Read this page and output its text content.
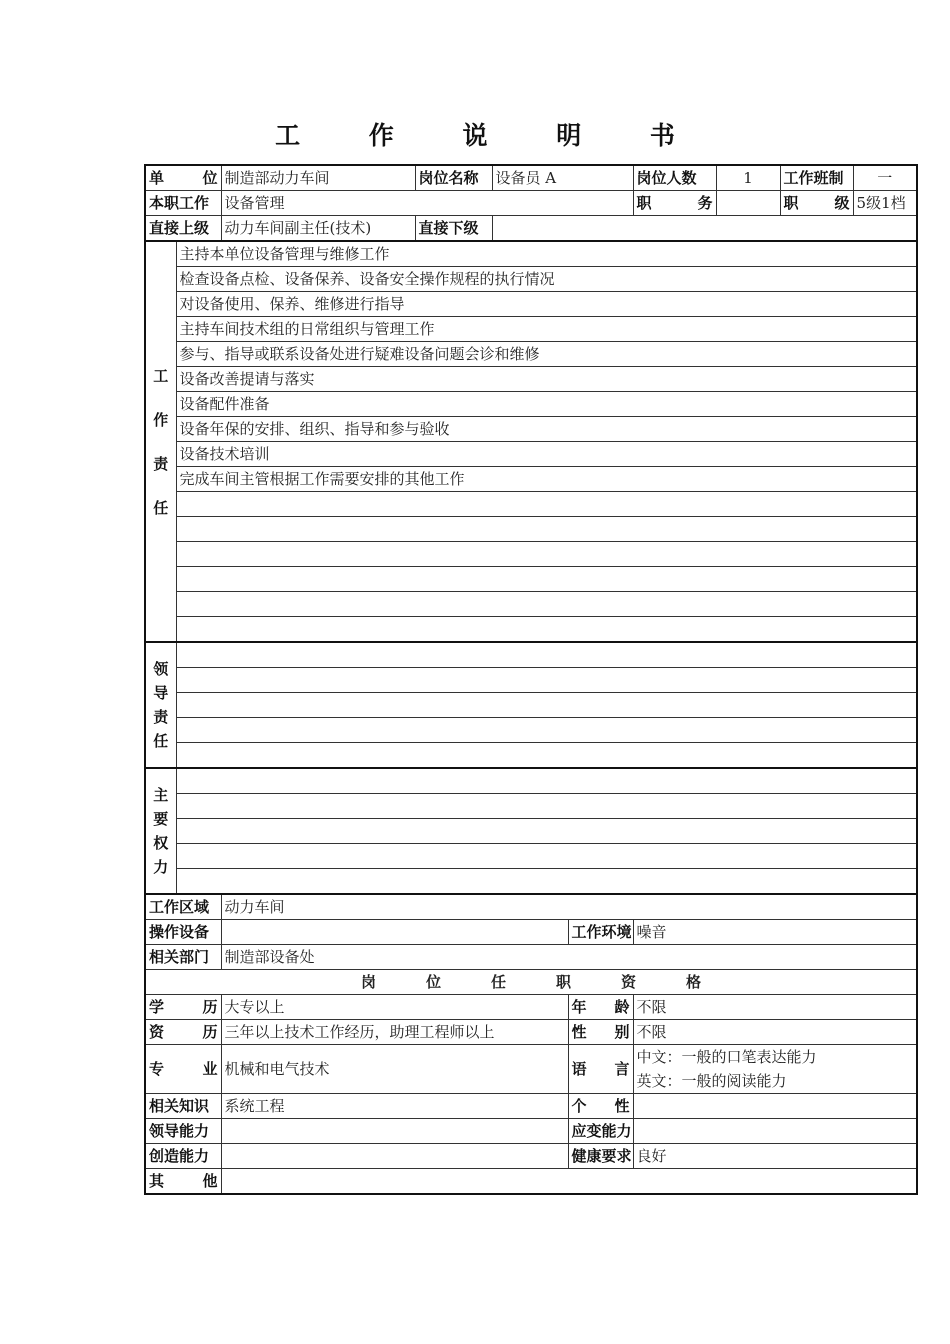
工 作 说 明 书
单　位		制造部动力车间	岗位名称	设备员 A		岗位人数	1	工作班制	一
本职工作		设备管理				职　务		职　级	5级1档
直接上级		动力车间副主任(技术)	直接下级						

工
作
责
任	主持本单位设备管理与维修工作								
	检查设备点检、设备保养、设备安全操作规程的执行情况								
	对设备使用、保养、维修进行指导								
	主持车间技术组的日常组织与管理工作								
	参与、指导或联系设备处进行疑难设备问题会诊和维修								
	设备改善提请与落实								
	设备配件准备								
	设备年保的安排、组织、指导和参与验收								
	设备技术培训								
	完成车间主管根据工作需要安排的其他工作								

领
导
责
任									

主
要
权
力									

工作区域		动力车间							
操作设备					工作环境	噪音			
相关部门		制造部设备处							
岗位任职资格									
学　历		大专以上			年　龄	不限			
资　历		三年以上技术工作经历，助理工程师以上			性　别	不限			
专　业		机械和电气技术			语　言	中文：一般的口笔表达能力
英文：一般的阅读能力			

相关知识		系统工程			个　性				
领导能力					应变能力				
创造能力					健康要求	良好			
其　他									
